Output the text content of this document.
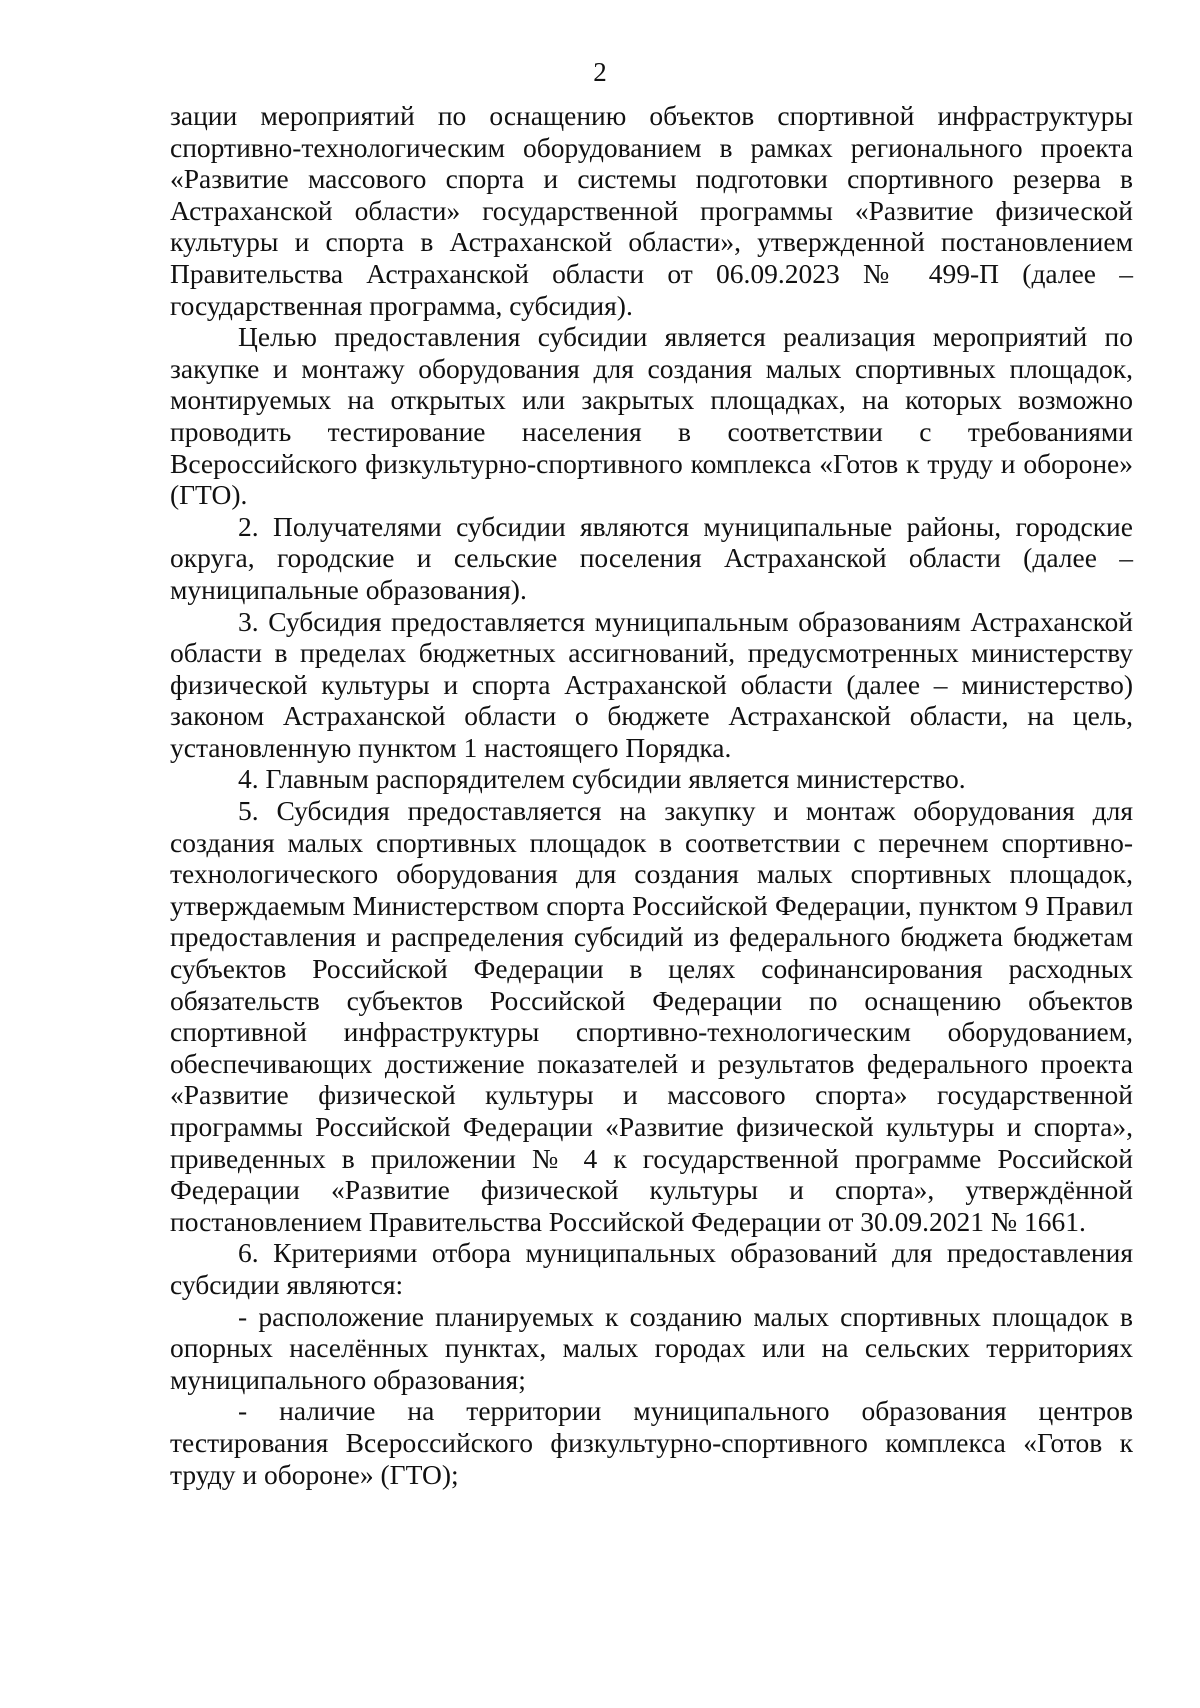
2

зации мероприятий по оснащению объектов спортивной инфраструктуры спортивно-технологическим оборудованием в рамках регионального проекта «Развитие массового спорта и системы подготовки спортивного резерва в Астраханской области» государственной программы «Развитие физической культуры и спорта в Астраханской области», утвержденной постановлением Правительства Астраханской области от 06.09.2023 № 499-П (далее – государственная программа, субсидия).

Целью предоставления субсидии является реализация мероприятий по закупке и монтажу оборудования для создания малых спортивных площадок, монтируемых на открытых или закрытых площадках, на которых возможно проводить тестирование населения в соответствии с требованиями Всероссийского физкультурно-спортивного комплекса «Готов к труду и обороне» (ГТО).

2. Получателями субсидии являются муниципальные районы, городские округа, городские и сельские поселения Астраханской области (далее – муниципальные образования).

3. Субсидия предоставляется муниципальным образованиям Астраханской области в пределах бюджетных ассигнований, предусмотренных министерству физической культуры и спорта Астраханской области (далее – министерство) законом Астраханской области о бюджете Астраханской области, на цель, установленную пунктом 1 настоящего Порядка.

4. Главным распорядителем субсидии является министерство.

5. Субсидия предоставляется на закупку и монтаж оборудования для создания малых спортивных площадок в соответствии с перечнем спортивно-технологического оборудования для создания малых спортивных площадок, утверждаемым Министерством спорта Российской Федерации, пунктом 9 Правил предоставления и распределения субсидий из федерального бюджета бюджетам субъектов Российской Федерации в целях софинансирования расходных обязательств субъектов Российской Федерации по оснащению объектов спортивной инфраструктуры спортивно-технологическим оборудованием, обеспечивающих достижение показателей и результатов федерального проекта «Развитие физической культуры и массового спорта» государственной программы Российской Федерации «Развитие физической культуры и спорта», приведенных в приложении № 4 к государственной программе Российской Федерации «Развитие физической культуры и спорта», утверждённой постановлением Правительства Российской Федерации от 30.09.2021 № 1661.

6. Критериями отбора муниципальных образований для предоставления субсидии являются:

- расположение планируемых к созданию малых спортивных площадок в опорных населённых пунктах, малых городах или на сельских территориях муниципального образования;

- наличие на территории муниципального образования центров тестирования Всероссийского физкультурно-спортивного комплекса «Готов к труду и обороне» (ГТО);
